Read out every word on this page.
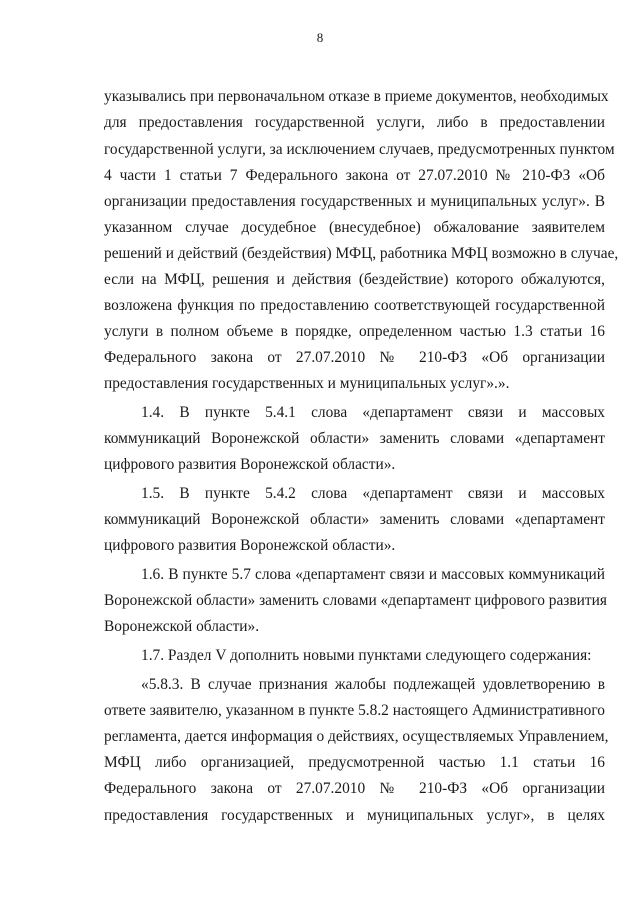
8
указывались при первоначальном отказе в приеме документов, необходимых
для предоставления государственной услуги, либо в предоставлении
государственной услуги, за исключением случаев, предусмотренных пунктом
4 части 1 статьи 7 Федерального закона от 27.07.2010 № 210-ФЗ «Об
организации предоставления государственных и муниципальных услуг». В
указанном случае досудебное (внесудебное) обжалование заявителем
решений и действий (бездействия) МФЦ, работника МФЦ возможно в случае,
если на МФЦ, решения и действия (бездействие) которого обжалуются,
возложена функция по предоставлению соответствующей государственной
услуги в полном объеме в порядке, определенном частью 1.3 статьи 16
Федерального закона от 27.07.2010 № 210-ФЗ «Об организации
предоставления государственных и муниципальных услуг».».
1.4. В пункте 5.4.1 слова «департамент связи и массовых
коммуникаций Воронежской области» заменить словами «департамент
цифрового развития Воронежской области».
1.5. В пункте 5.4.2 слова «департамент связи и массовых
коммуникаций Воронежской области» заменить словами «департамент
цифрового развития Воронежской области».
1.6. В пункте 5.7 слова «департамент связи и массовых коммуникаций
Воронежской области» заменить словами «департамент цифрового развития
Воронежской области».
1.7. Раздел V дополнить новыми пунктами следующего содержания:
«5.8.3. В случае признания жалобы подлежащей удовлетворению в
ответе заявителю, указанном в пункте 5.8.2 настоящего Административного
регламента, дается информация о действиях, осуществляемых Управлением,
МФЦ либо организацией, предусмотренной частью 1.1 статьи 16
Федерального закона от 27.07.2010 № 210-ФЗ «Об организации
предоставления государственных и муниципальных услуг», в целях
